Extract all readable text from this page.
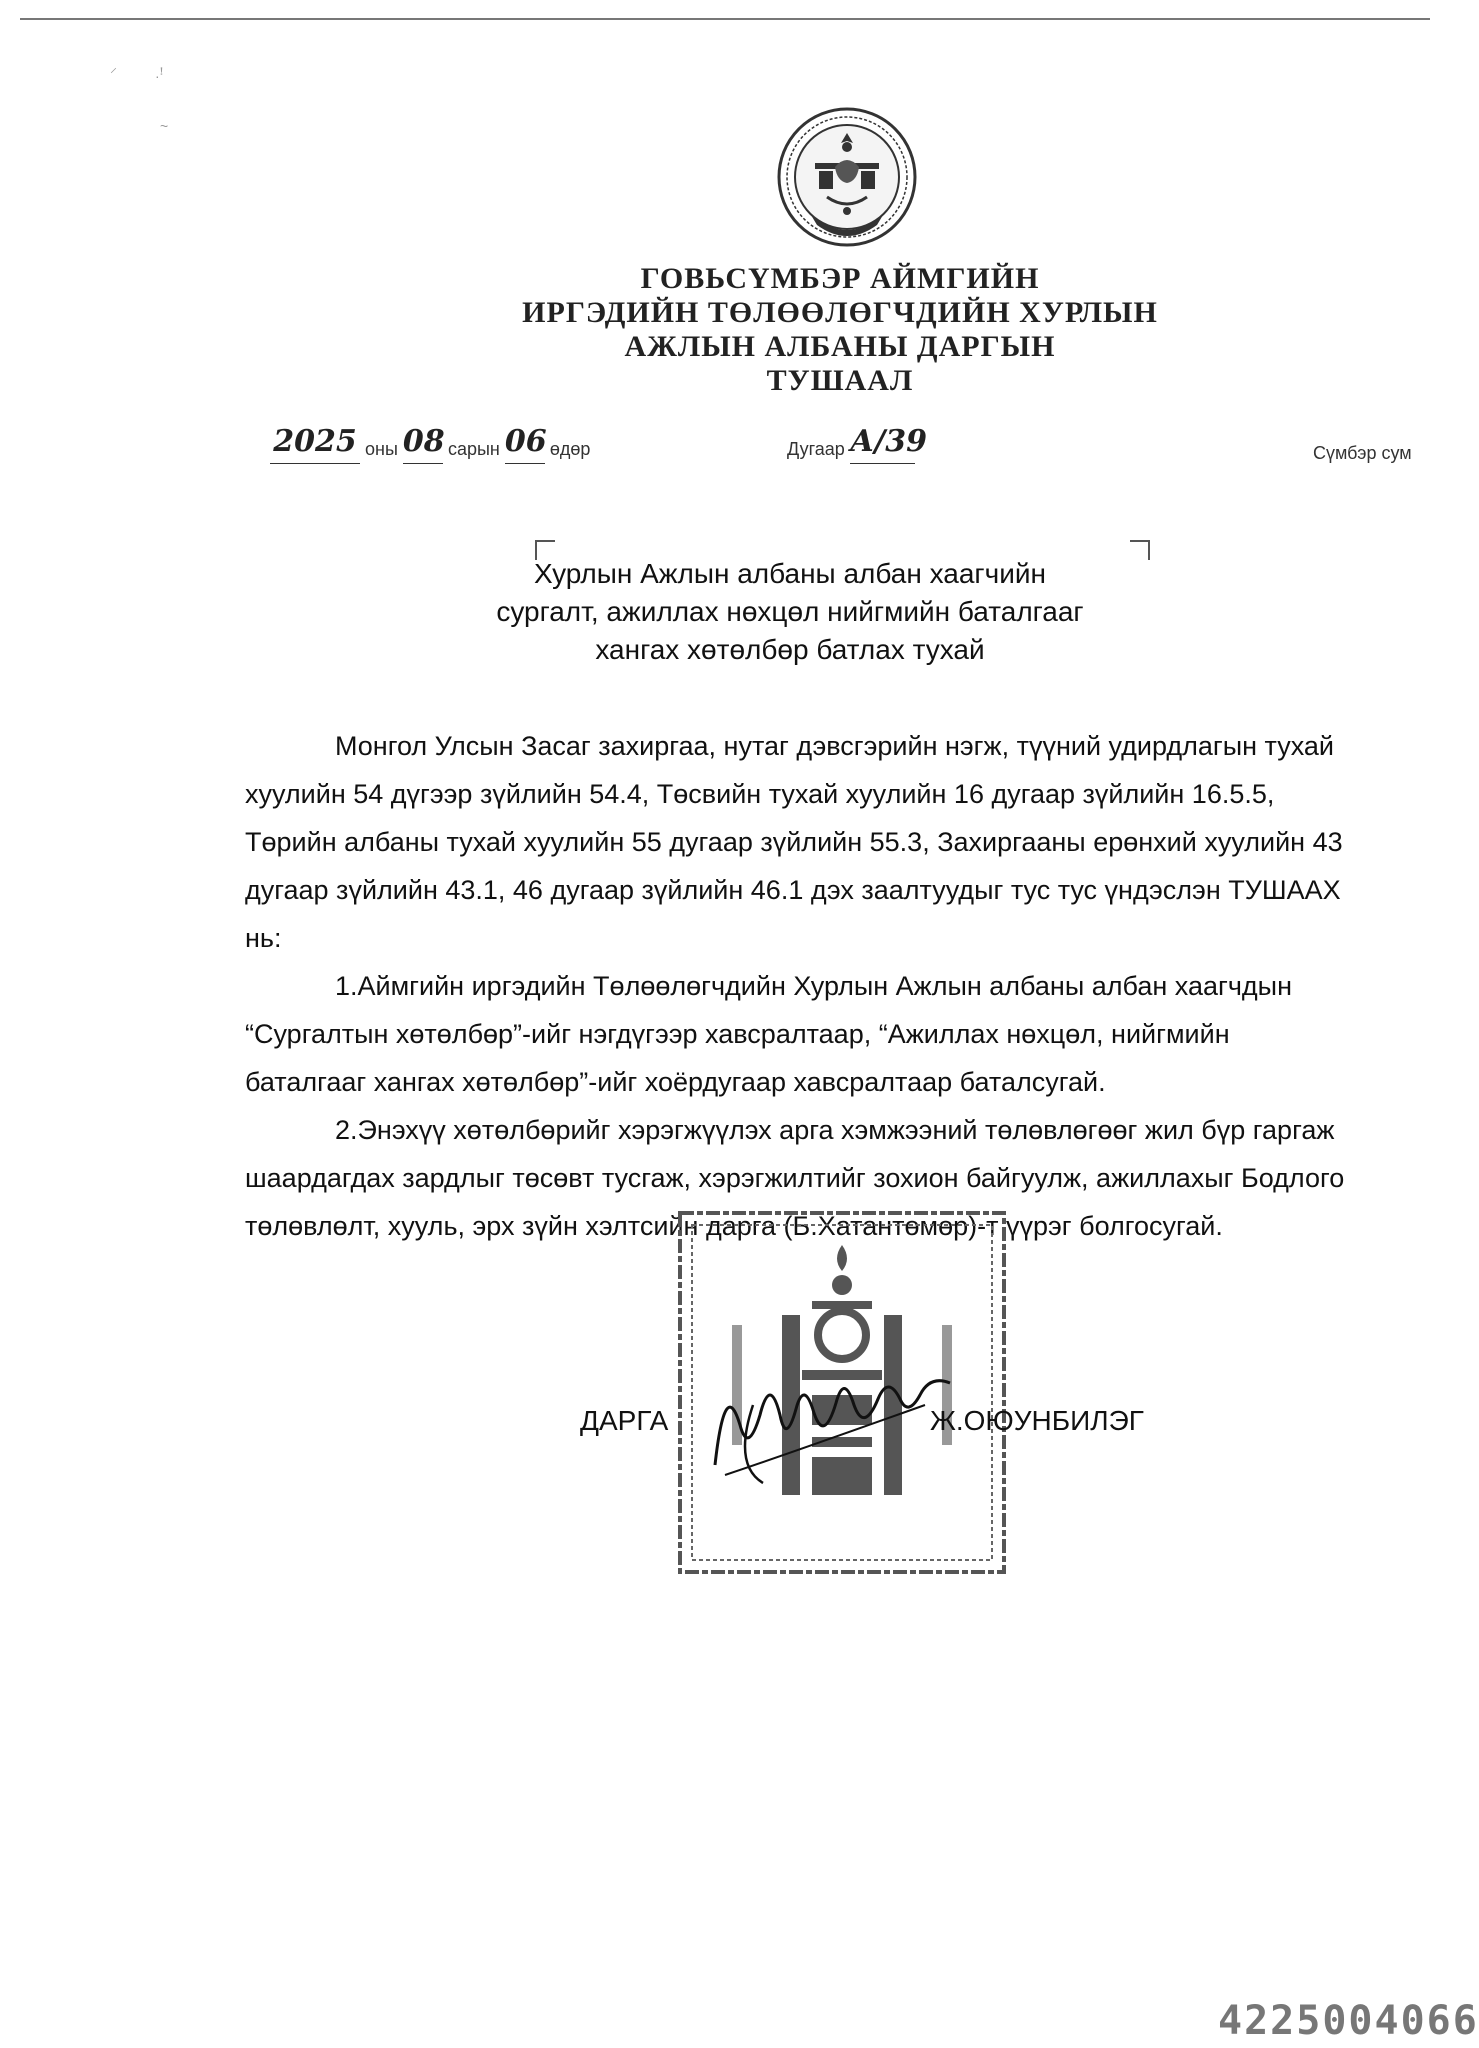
⸝
·ꜝ
~
ГОВЬСҮМБЭР АЙМГИЙН
ИРГЭДИЙН ТӨЛӨӨЛӨГЧДИЙН ХУРЛЫН
АЖЛЫН АЛБАНЫ ДАРГЫН
ТУШААЛ
2025 оны 08 сарын 06 өдөр	Дугаар А/39	Сүмбэр сум
Хурлын Ажлын албаны албан хаагчийн
сургалт, ажиллах нөхцөл нийгмийн баталгааг
хангах хөтөлбөр батлах тухай
Монгол Улсын Засаг захиргаа, нутаг дэвсгэрийн нэгж, түүний удирдлагын тухай
хуулийн 54 дүгээр зүйлийн 54.4, Төсвийн тухай хуулийн 16 дугаар зүйлийн 16.5.5,
Төрийн албаны тухай хуулийн 55 дугаар зүйлийн 55.3, Захиргааны ерөнхий хуулийн 43
дугаар зүйлийн 43.1, 46 дугаар зүйлийн 46.1 дэх заалтуудыг тус тус үндэслэн ТУШААХ
нь:
1.Аймгийн иргэдийн Төлөөлөгчдийн Хурлын Ажлын албаны албан хаагчдын
“Сургалтын хөтөлбөр”-ийг нэгдүгээр хавсралтаар, “Ажиллах нөхцөл, нийгмийн
баталгааг хангах хөтөлбөр”-ийг хоёрдугаар хавсралтаар баталсугай.
2.Энэхүү хөтөлбөрийг хэрэгжүүлэх арга хэмжээний төлөвлөгөөг жил бүр гаргаж
шаардагдах зардлыг төсөвт тусгаж, хэрэгжилтийг зохион байгуулж, ажиллахыг Бодлого
төлөвлөлт, хууль, эрх зүйн хэлтсийн дарга (Б.Хатантөмөр)-т үүрэг болгосугай.
ДАРГА	Ж.ОЮУНБИЛЭГ
4225004066
